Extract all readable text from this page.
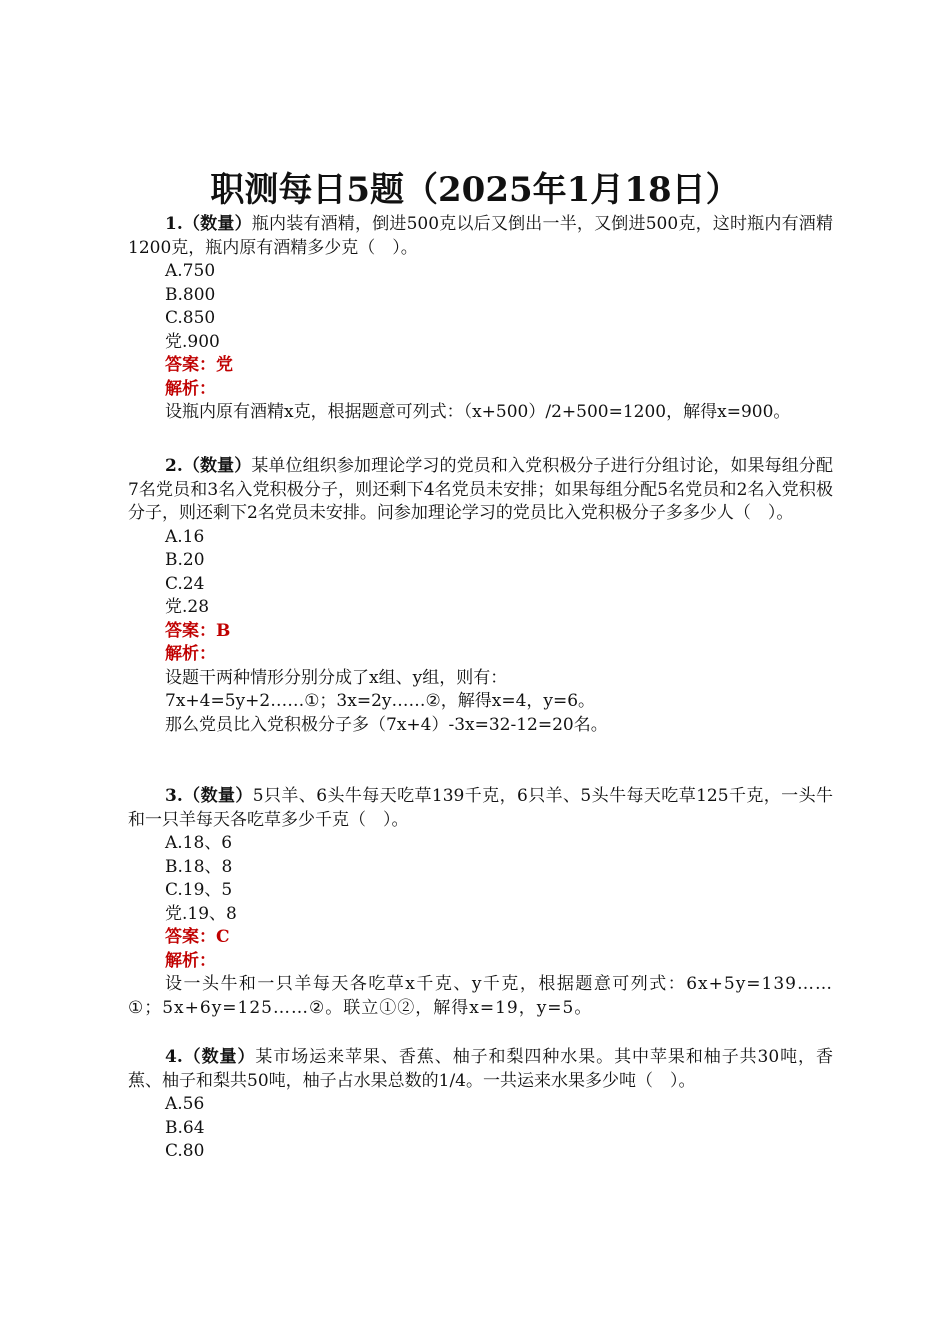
职测每日5题（2025年1月18日）

1.（数量）瓶内装有酒精，倒进500克以后又倒出一半，又倒进500克，这时瓶内有酒精1200克，瓶内原有酒精多少克（　）。

A.750

B.800

C.850

党.900

答案：党

解析：

设瓶内原有酒精x克，根据题意可列式：（x+500）/2+500=1200，解得x=900。

2.（数量）某单位组织参加理论学习的党员和入党积极分子进行分组讨论，如果每组分配7名党员和3名入党积极分子，则还剩下4名党员未安排；如果每组分配5名党员和2名入党积极分子，则还剩下2名党员未安排。问参加理论学习的党员比入党积极分子多多少人（　）。

A.16

B.20

C.24

党.28

答案：B

解析：

设题干两种情形分别分成了x组、y组，则有：

7x+4=5y+2……①；3x=2y……②，解得x=4，y=6。

那么党员比入党积极分子多（7x+4）-3x=32-12=20名。

3.（数量）5只羊、6头牛每天吃草139千克，6只羊、5头牛每天吃草125千克，一头牛和一只羊每天各吃草多少千克（　）。

A.18、6

B.18、8

C.19、5

党.19、8

答案：C

解析：

设一头牛和一只羊每天各吃草x千克、y千克，根据题意可列式：6x+5y=139……①；5x+6y=125……②。联立①②，解得x=19，y=5。

4.（数量）某市场运来苹果、香蕉、柚子和梨四种水果。其中苹果和柚子共30吨，香蕉、柚子和梨共50吨，柚子占水果总数的1/4。一共运来水果多少吨（　）。

A.56

B.64

C.80
